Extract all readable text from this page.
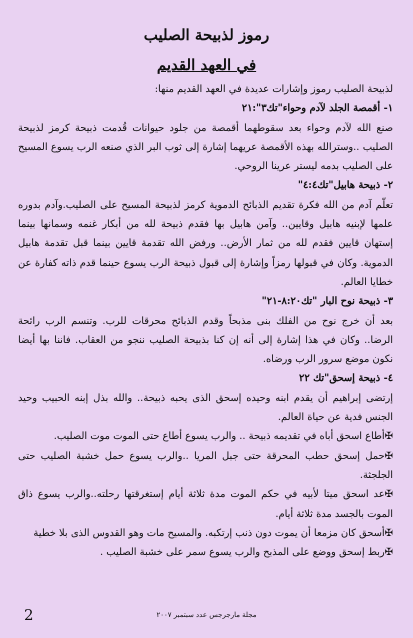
رموز لذبيحة الصليب
في العهد القديم

لذبيحة الصليب رموز وإشارات عديدة في العهد القديم منها:

١- أقمصة الجلد لآدم وحواء"تك٣":٢١

صنع الله لآدم وحواء بعد سقوطهما أقمصة من جلود حيوانات قُدمت ذبيحة كرمز لذبيحة الصليب ..وسترالله بهذه الأقمصة عريهما إشارة إلى ثوب البر الذي صنعه الرب يسوع المسيح على الصليب بدمه ليستر عرينا الروحي.

٢- ذبيحة هابيل"تك٤:٤"

تعلّم آدم من الله فكرة تقديم الذبائح الدموية كرمز لذبيحة المسيح على الصليب.وآدم بدوره علمها لإبنيه هابيل وقايين.. وآمن هابيل بها فقدم ذبيحة لله من أبكار غنمه وسمانها بينما إستهان قايين فقدم لله من ثمار الأرض.. ورفض الله تقدمة قايين بينما قبل تقدمة هابيل الدموية. وكان في قبولها رمزاً وإشارة إلى قبول ذبيحة الرب يسوع حينما قدم ذاته كفارة عن خطايا العالم.

٣- ذبيحة نوح البار "تك٨:٢٠-٢١"

بعد أن خرج نوح من الفلك بنى مذبحاً وقدم الذبائح محرقات للرب. وتنسم الرب رائحة الرضا.. وكان في هذا إشارة إلى أنه إن كنا بذبيحة الصليب ننجو من العقاب. فاننا بها أيضا نكون موضع سرور الرب ورضاه.

٤- ذبيحة إسحق"تك ٢٢

إرتضى إبراهيم أن يقدم ابنه وحيده إسحق الذى يحبه ذبيحة.. والله بذل إبنه الحبيب وحيد الجنس فدية عن حياة العالم.

✠أطاع اسحق أباه في تقديمه ذبيحة .. والرب يسوع أطاع حتى الموت موت الصليب.

✠حمل إسحق حطب المحرقة حتى جبل المريا ..والرب يسوع حمل خشبة الصليب حتى الجلجثة.

✠عد اسحق ميتا لأبيه في حكم الموت مدة ثلاثة أيام إستغرقتها رحلته..والرب يسوع ذاق الموت بالجسد مدة ثلاثة أيام.

✠أسحق كان مزمعا أن يموت دون ذنب إرتكبه. والمسيح مات وهو القدوس الذى بلا خطية

✠ربط إسحق ووضع على المذبح والرب يسوع سمر على خشبة الصليب .

2	مجلة مارجرجس عدد سبتمبر ٢٠٠٧
